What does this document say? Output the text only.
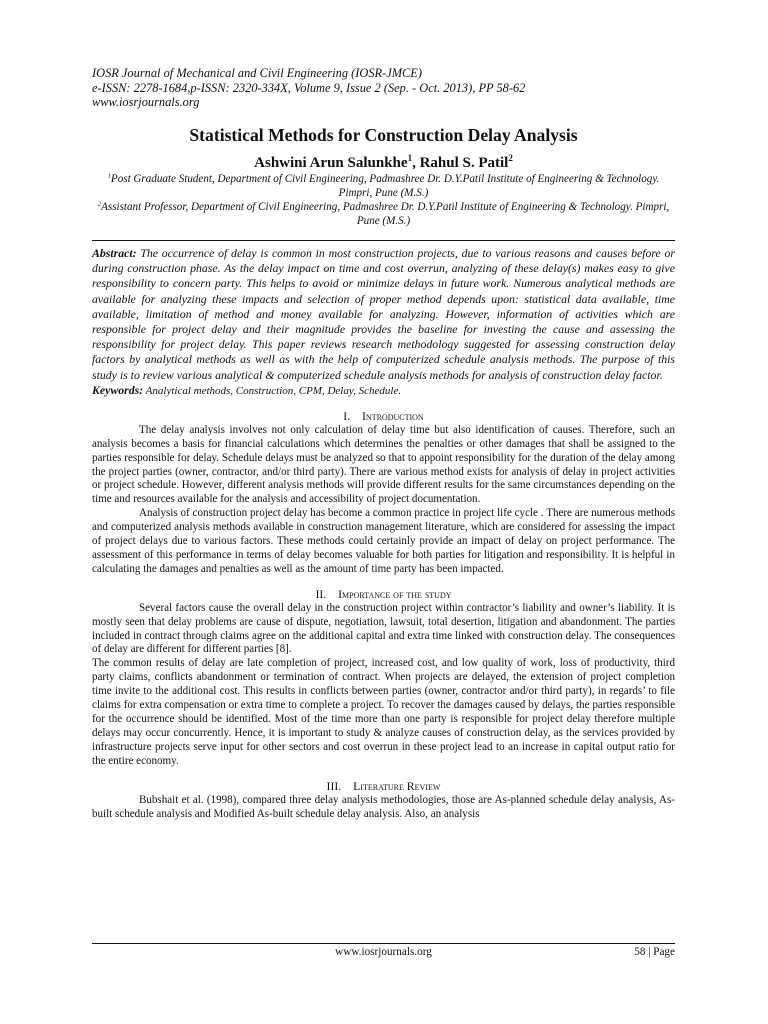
IOSR Journal of Mechanical and Civil Engineering (IOSR-JMCE)
e-ISSN: 2278-1684,p-ISSN: 2320-334X, Volume 9, Issue 2 (Sep. - Oct. 2013), PP 58-62
www.iosrjournals.org
Statistical Methods for Construction Delay Analysis
Ashwini Arun Salunkhe$^1$, Rahul S. Patil$^2$
$^1$Post Graduate Student, Department of Civil Engineering, Padmashree Dr. D.Y.Patil Institute of Engineering & Technology. Pimpri, Pune (M.S.)
$^2$Assistant Professor, Department of Civil Engineering, Padmashree Dr. D.Y.Patil Institute of Engineering & Technology. Pimpri, Pune (M.S.)
Abstract: The occurrence of delay is common in most construction projects, due to various reasons and causes before or during construction phase. As the delay impact on time and cost overrun, analyzing of these delay(s) makes easy to give responsibility to concern party. This helps to avoid or minimize delays in future work. Numerous analytical methods are available for analyzing these impacts and selection of proper method depends upon: statistical data available, time available, limitation of method and money available for analyzing. However, information of activities which are responsible for project delay and their magnitude provides the baseline for investing the cause and assessing the responsibility for project delay. This paper reviews research methodology suggested for assessing construction delay factors by analytical methods as well as with the help of computerized schedule analysis methods. The purpose of this study is to review various analytical & computerized schedule analysis methods for analysis of construction delay factor.
Keywords: Analytical methods, Construction, CPM, Delay, Schedule.
I. Introduction

The delay analysis involves not only calculation of delay time but also identification of causes. Therefore, such an analysis becomes a basis for financial calculations which determines the penalties or other damages that shall be assigned to the parties responsible for delay. Schedule delays must be analyzed so that to appoint responsibility for the duration of the delay among the project parties (owner, contractor, and/or third party). There are various method exists for analysis of delay in project activities or project schedule. However, different analysis methods will provide different results for the same circumstances depending on the time and resources available for the analysis and accessibility of project documentation.

Analysis of construction project delay has become a common practice in project life cycle . There are numerous methods and computerized analysis methods available in construction management literature, which are considered for assessing the impact of project delays due to various factors. These methods could certainly provide an impact of delay on project performance. The assessment of this performance in terms of delay becomes valuable for both parties for litigation and responsibility. It is helpful in calculating the damages and penalties as well as the amount of time party has been impacted.

II. Importance of the study

Several factors cause the overall delay in the construction project within contractor’s liability and owner’s liability. It is mostly seen that delay problems are cause of dispute, negotiation, lawsuit, total desertion, litigation and abandonment. The parties included in contract through claims agree on the additional capital and extra time linked with construction delay. The consequences of delay are different for different parties [8].

The common results of delay are late completion of project, increased cost, and low quality of work, loss of productivity, third party claims, conflicts abandonment or termination of contract. When projects are delayed, the extension of project completion time invite to the additional cost. This results in conflicts between parties (owner, contractor and/or third party), in regards’ to file claims for extra compensation or extra time to complete a project. To recover the damages caused by delays, the parties responsible for the occurrence should be identified. Most of the time more than one party is responsible for project delay therefore multiple delays may occur concurrently. Hence, it is important to study & analyze causes of construction delay, as the services provided by infrastructure projects serve input for other sectors and cost overrun in these project lead to an increase in capital output ratio for the entire economy.

III. Literature Review

Bubshait et al. (1998), compared three delay analysis methodologies, those are As-planned schedule delay analysis, As-built schedule analysis and Modified As-built schedule delay analysis. Also, an analysis

www.iosrjournals.org	58 | Page
